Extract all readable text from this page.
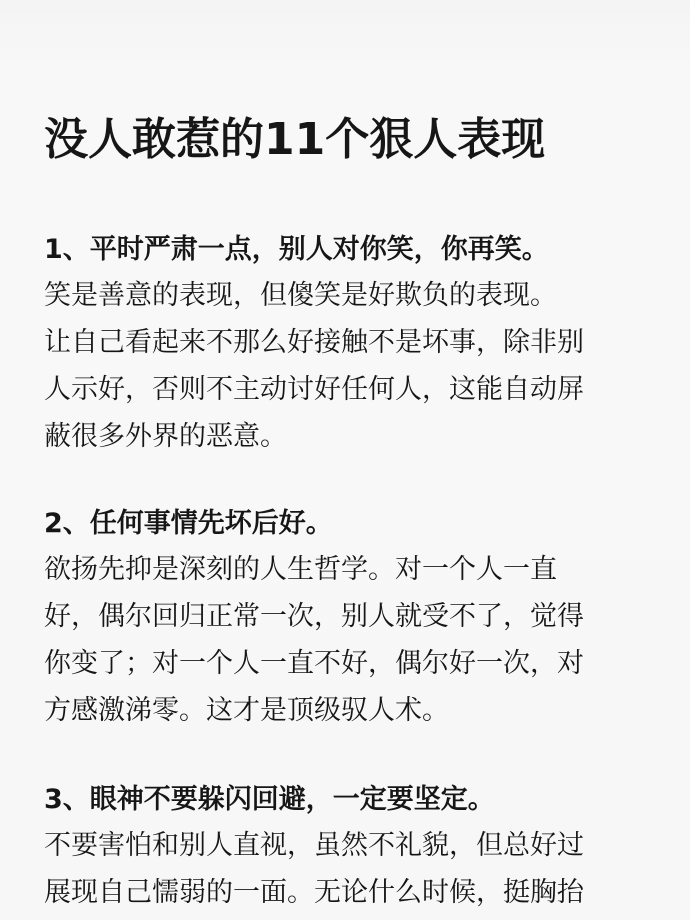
没人敢惹的11个狠人表现
1、平时严肃一点，别人对你笑，你再笑。

笑是善意的表现，但傻笑是好欺负的表现。

让自己看起来不那么好接触不是坏事，除非别

人示好，否则不主动讨好任何人，这能自动屏

蔽很多外界的恶意。

2、任何事情先坏后好。

欲扬先抑是深刻的人生哲学。对一个人一直

好，偶尔回归正常一次，别人就受不了，觉得

你变了；对一个人一直不好，偶尔好一次，对

方感激涕零。这才是顶级驭人术。

3、眼神不要躲闪回避，一定要坚定。

不要害怕和别人直视，虽然不礼貌，但总好过

展现自己懦弱的一面。无论什么时候，挺胸抬
